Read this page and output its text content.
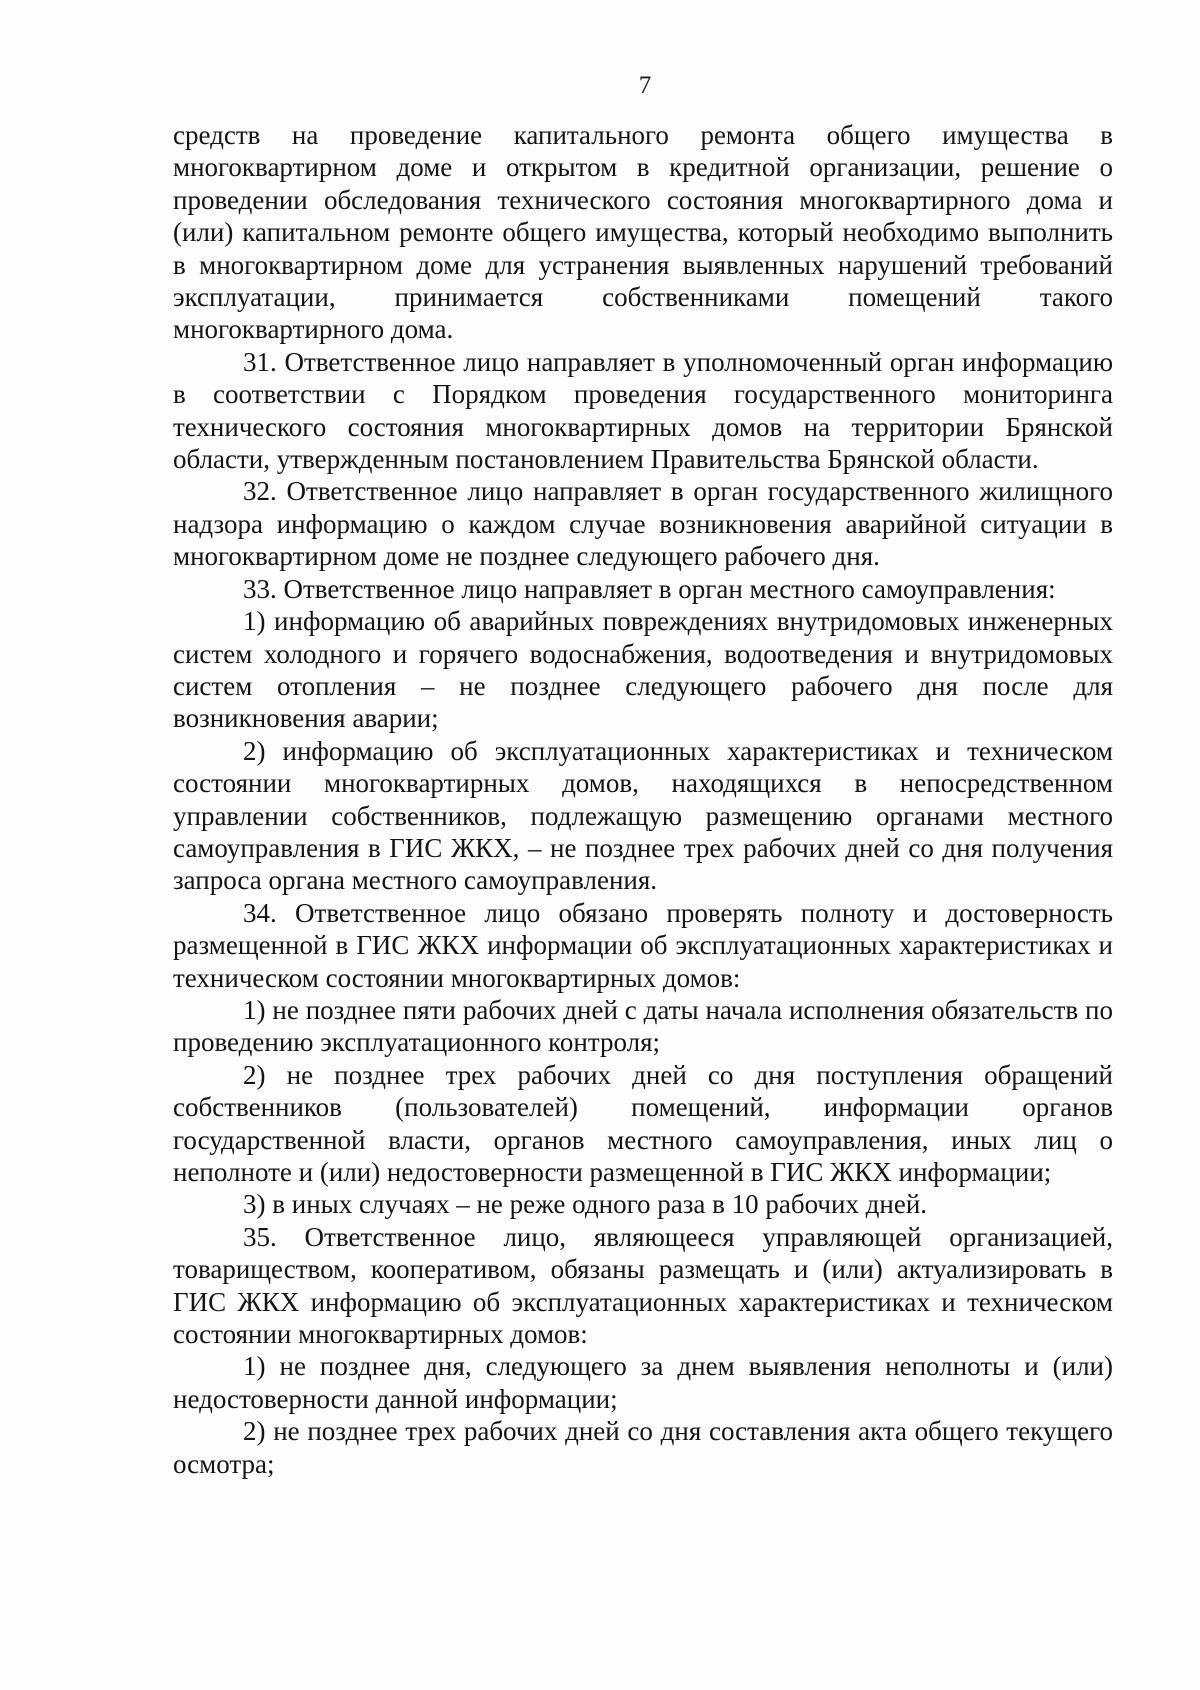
7

средств на проведение капитального ремонта общего имущества в многоквартирном доме и открытом в кредитной организации, решение о проведении обследования технического состояния многоквартирного дома и (или) капитальном ремонте общего имущества, который необходимо выполнить в многоквартирном доме для устранения выявленных нарушений требований эксплуатации, принимается собственниками помещений такого многоквартирного дома.

31. Ответственное лицо направляет в уполномоченный орган информацию в соответствии с Порядком проведения государственного мониторинга технического состояния многоквартирных домов на территории Брянской области, утвержденным постановлением Правительства Брянской области.

32. Ответственное лицо направляет в орган государственного жилищного надзора информацию о каждом случае возникновения аварийной ситуации в многоквартирном доме не позднее следующего рабочего дня.

33. Ответственное лицо направляет в орган местного самоуправления:

1) информацию об аварийных повреждениях внутридомовых инженерных систем холодного и горячего водоснабжения, водоотведения и внутридомовых систем отопления – не позднее следующего рабочего дня после для возникновения аварии;

2) информацию об эксплуатационных характеристиках и техническом состоянии многоквартирных домов, находящихся в непосредственном управлении собственников, подлежащую размещению органами местного самоуправления в ГИС ЖКХ, – не позднее трех рабочих дней со дня получения запроса органа местного самоуправления.

34. Ответственное лицо обязано проверять полноту и достоверность размещенной в ГИС ЖКХ информации об эксплуатационных характеристиках и техническом состоянии многоквартирных домов:

1) не позднее пяти рабочих дней с даты начала исполнения обязательств по проведению эксплуатационного контроля;

2) не позднее трех рабочих дней со дня поступления обращений собственников (пользователей) помещений, информации органов государственной власти, органов местного самоуправления, иных лиц о неполноте и (или) недостоверности размещенной в ГИС ЖКХ информации;

3) в иных случаях – не реже одного раза в 10 рабочих дней.

35. Ответственное лицо, являющееся управляющей организацией, товариществом, кооперативом, обязаны размещать и (или) актуализировать в ГИС ЖКХ информацию об эксплуатационных характеристиках и техническом состоянии многоквартирных домов:

1) не позднее дня, следующего за днем выявления неполноты и (или) недостоверности данной информации;

2) не позднее трех рабочих дней со дня составления акта общего текущего осмотра;
